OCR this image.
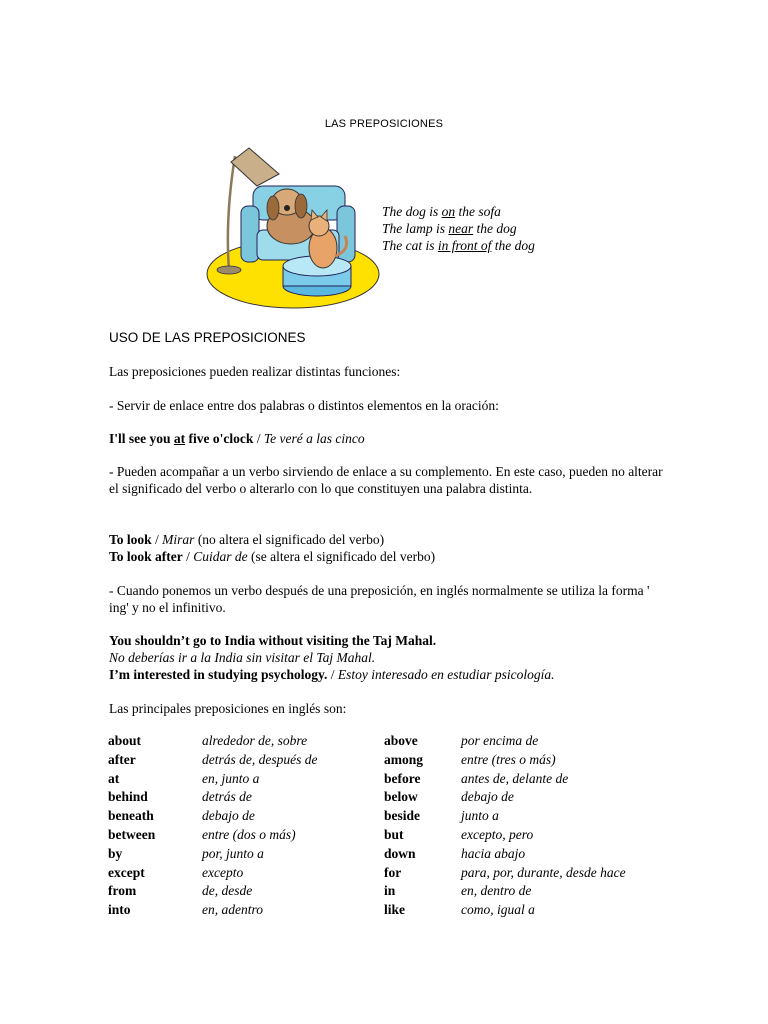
LAS PREPOSICIONES
The dog is on the sofa
The lamp is near the dog
The cat is in front of the dog
USO DE LAS PREPOSICIONES
Las preposiciones pueden realizar distintas funciones:
- Servir de enlace entre dos palabras o distintos elementos en la oración:
I'll see you at five o'clock / Te veré a las cinco
- Pueden acompañar a un verbo sirviendo de enlace a su complemento. En este caso, pueden no alterar el significado del verbo o alterarlo con lo que constituyen una palabra distinta.
To look / Mirar (no altera el significado del verbo)
To look after / Cuidar de (se altera el significado del verbo)
- Cuando ponemos un verbo después de una preposición, en inglés normalmente se utiliza la forma ' ing' y no el infinitivo.
You shouldn’t go to India without visiting the Taj Mahal.
No deberías ir a la India sin visitar el Taj Mahal.
I’m interested in studying psychology. / Estoy interesado en estudiar psicología.
Las principales preposiciones en inglés son:
about	alrededor de, sobre	above	por encima de
after	detrás de, después de	among	entre (tres o más)
at	en, junto a	before	antes de, delante de
behind	detrás de	below	debajo de
beneath	debajo de	beside	junto a
between	entre (dos o más)	but	excepto, pero
by	por, junto a	down	hacia abajo
except	excepto	for	para, por, durante, desde hace
from	de, desde	in	en, dentro de
into	en, adentro	like	como, igual a
